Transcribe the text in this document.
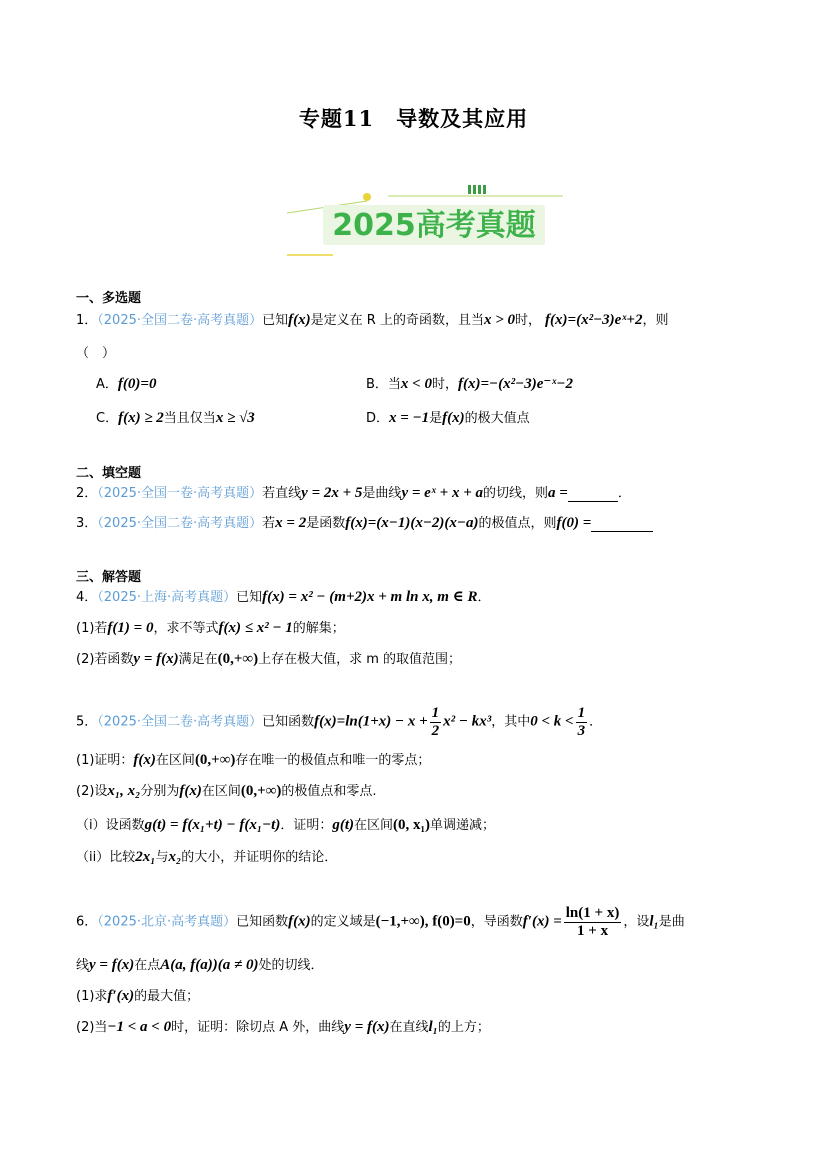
专题11　导数及其应用
2025高考真题
一、多选题
1．（2025·全国二卷·高考真题）已知f(x)是定义在 R 上的奇函数，且当x > 0时， f(x)=(x²−3)eˣ+2，则
（　）
A．f(0)=0	B．当x < 0时，f(x)=−(x²−3)e⁻ˣ−2
C．f(x) ≥ 2当且仅当x ≥ √3	D．x = −1是f(x)的极大值点
二、填空题
2．（2025·全国一卷·高考真题）若直线y = 2x + 5是曲线y = eˣ + x + a的切线，则a =	．
3．（2025·全国二卷·高考真题）若x = 2是函数f(x)=(x−1)(x−2)(x−a)的极值点，则f(0) =
三、解答题
4．（2025·上海·高考真题）已知f(x) = x² − (m+2)x + m ln x, m ∈ R．
(1)若f(1) = 0，求不等式f(x) ≤ x² − 1的解集；
(2)若函数y = f(x)满足在(0,+∞)上存在极大值，求 m 的取值范围；
5．（2025·全国二卷·高考真题）已知函数$f(x)=\ln(1+x) - x + \frac{1}{2} x^2 - kx^3$，其中$0 < k < \frac{1}{3}$ ．
(1)证明：f(x)在区间(0,+∞)存在唯一的极值点和唯一的零点；
(2)设x₁, x₂分别为f(x)在区间(0,+∞)的极值点和零点.
（i）设函数g(t) = f(x₁+t) − f(x₁−t)．证明：g(t)在区间(0, x₁)单调递减；
（ii）比较2x₁与x₂的大小，并证明你的结论．
6．（2025·北京·高考真题）已知函数f(x)的定义域是(−1,+∞), f(0)=0，导函数$f'(x) = \frac{\ln(1 + x)}{1 + x}$ ，设l₁是曲
线y = f(x)在点A(a, f(a))(a ≠ 0)处的切线．
(1)求f′(x)的最大值；
(2)当−1 < a < 0时，证明：除切点 A 外，曲线y = f(x)在直线l₁的上方；
